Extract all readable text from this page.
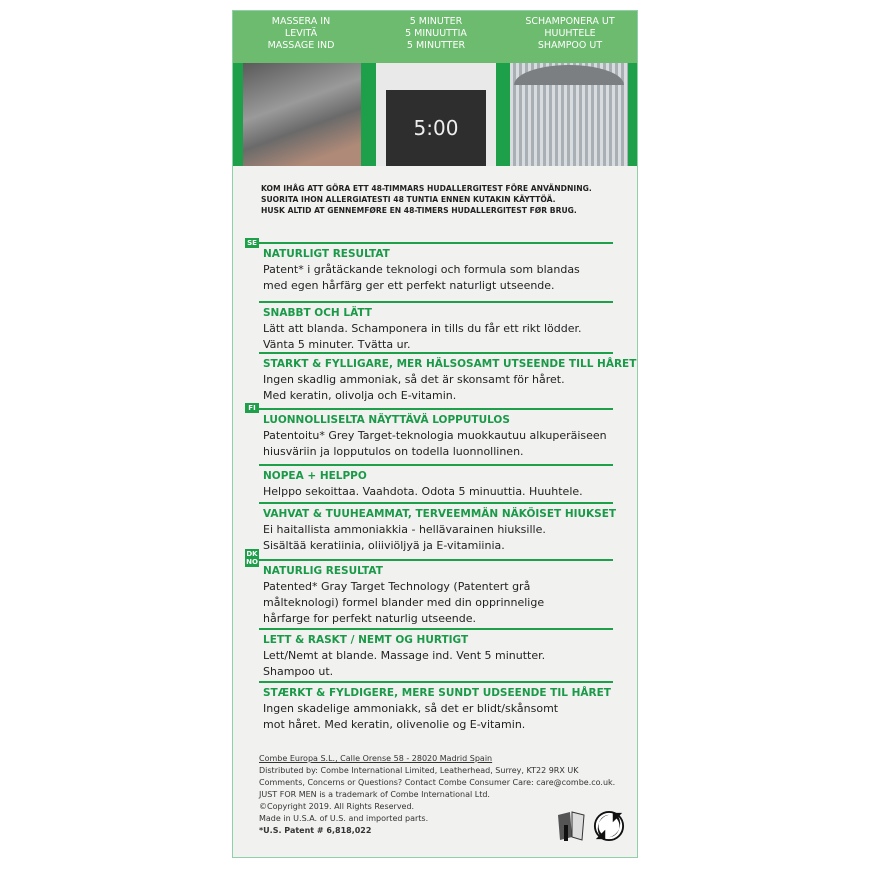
MASSERA IN
LEVITÄ
MASSAGE IND
5 MINUTER
5 MINUUTTIA
5 MINUTTER
SCHAMPONERA UT
HUUHTELE
SHAMPOO UT
5:00
KOM IHÅG ATT GÖRA ETT 48-TIMMARS HUDALLERGITEST FÖRE ANVÄNDNING.
SUORITA IHON ALLERGIATESTI 48 TUNTIA ENNEN KUTAKIN KÄYTTÖÄ.
HUSK ALTID AT GENNEMFØRE EN 48-TIMERS HUDALLERGITEST FØR BRUG.
SE
FI
DK
NO
NATURLIGT RESULTAT

Patent* i gråtäckande teknologi och formula som blandas
med egen hårfärg ger ett perfekt naturligt utseende.

SNABBT OCH LÄTT

Lätt att blanda. Schamponera in tills du får ett rikt lödder.
Vänta 5 minuter. Tvätta ur.

STARKT & FYLLIGARE, MER HÄLSOSAMT UTSEENDE TILL HÅRET

Ingen skadlig ammoniak, så det är skonsamt för håret.
Med keratin, olivolja och E-vitamin.

LUONNOLLISELTA NÄYTTÄVÄ LOPPUTULOS

Patentoitu* Grey Target-teknologia muokkautuu alkuperäiseen
hiusväriin ja lopputulos on todella luonnollinen.

NOPEA + HELPPO

Helppo sekoittaa. Vaahdota. Odota 5 minuuttia. Huuhtele.

VAHVAT & TUUHEAMMAT, TERVEEMMÄN NÄKÖISET HIUKSET

Ei haitallista ammoniakkia - hellävarainen hiuksille.
Sisältää keratiinia, oliiviöljyä ja E-vitamiinia.

NATURLIG RESULTAT

Patented* Gray Target Technology (Patentert grå
målteknologi) formel blander med din opprinnelige
hårfarge for perfekt naturlig utseende.

LETT & RASKT / NEMT OG HURTIGT

Lett/Nemt at blande. Massage ind. Vent 5 minutter.
Shampoo ut.

STÆRKT & FYLDIGERE, MERE SUNDT UDSEENDE TIL HÅRET

Ingen skadelige ammoniakk, så det er blidt/skånsomt
mot håret. Med keratin, olivenolie og E-vitamin.

Combe Europa S.L., Calle Orense 58 - 28020 Madrid Spain
Distributed by: Combe International Limited, Leatherhead, Surrey, KT22 9RX UK
Comments, Concerns or Questions? Contact Combe Consumer Care: care@combe.co.uk.
JUST FOR MEN is a trademark of Combe International Ltd.
©Copyright 2019. All Rights Reserved.
Made in U.S.A. of U.S. and imported parts.
*U.S. Patent # 6,818,022
